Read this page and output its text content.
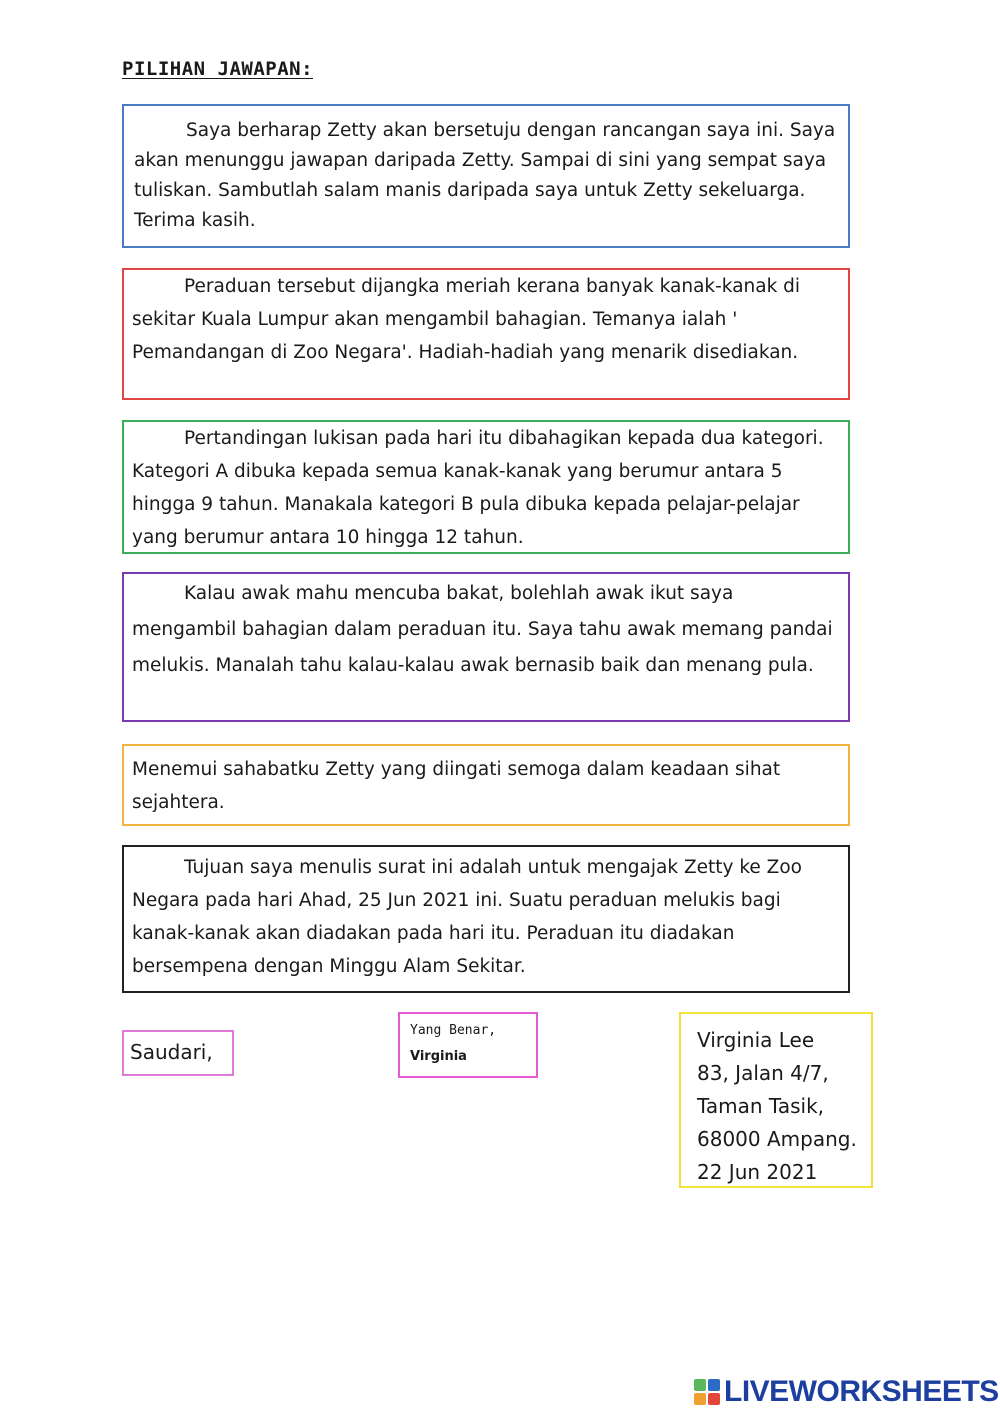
PILIHAN JAWAPAN:

Saya berharap Zetty akan bersetuju dengan rancangan saya ini. Saya akan menunggu jawapan daripada Zetty. Sampai di sini yang sempat saya tuliskan. Sambutlah salam manis daripada saya untuk Zetty sekeluarga. Terima kasih.

Peraduan tersebut dijangka meriah kerana banyak kanak-kanak di sekitar Kuala Lumpur akan mengambil bahagian. Temanya ialah ' Pemandangan di Zoo Negara'. Hadiah-hadiah yang menarik disediakan.

Pertandingan lukisan pada hari itu dibahagikan kepada dua kategori. Kategori A dibuka kepada semua kanak-kanak yang berumur antara 5 hingga 9 tahun. Manakala kategori B pula dibuka kepada pelajar-pelajar yang berumur antara 10 hingga 12 tahun.

Kalau awak mahu mencuba bakat, bolehlah awak ikut saya mengambil bahagian dalam peraduan itu. Saya tahu awak memang pandai melukis. Manalah tahu kalau-kalau awak bernasib baik dan menang pula.

Menemui sahabatku Zetty yang diingati semoga dalam keadaan sihat sejahtera.

Tujuan saya menulis surat ini adalah untuk mengajak Zetty ke Zoo Negara pada hari Ahad, 25 Jun 2021 ini. Suatu peraduan melukis bagi kanak-kanak akan diadakan pada hari itu. Peraduan itu diadakan bersempena dengan Minggu Alam Sekitar.

Saudari,
Yang Benar,
Virginia
Virginia Lee
83, Jalan 4/7,
Taman Tasik,
68000 Ampang.
22 Jun 2021
LIVEWORKSHEETS
